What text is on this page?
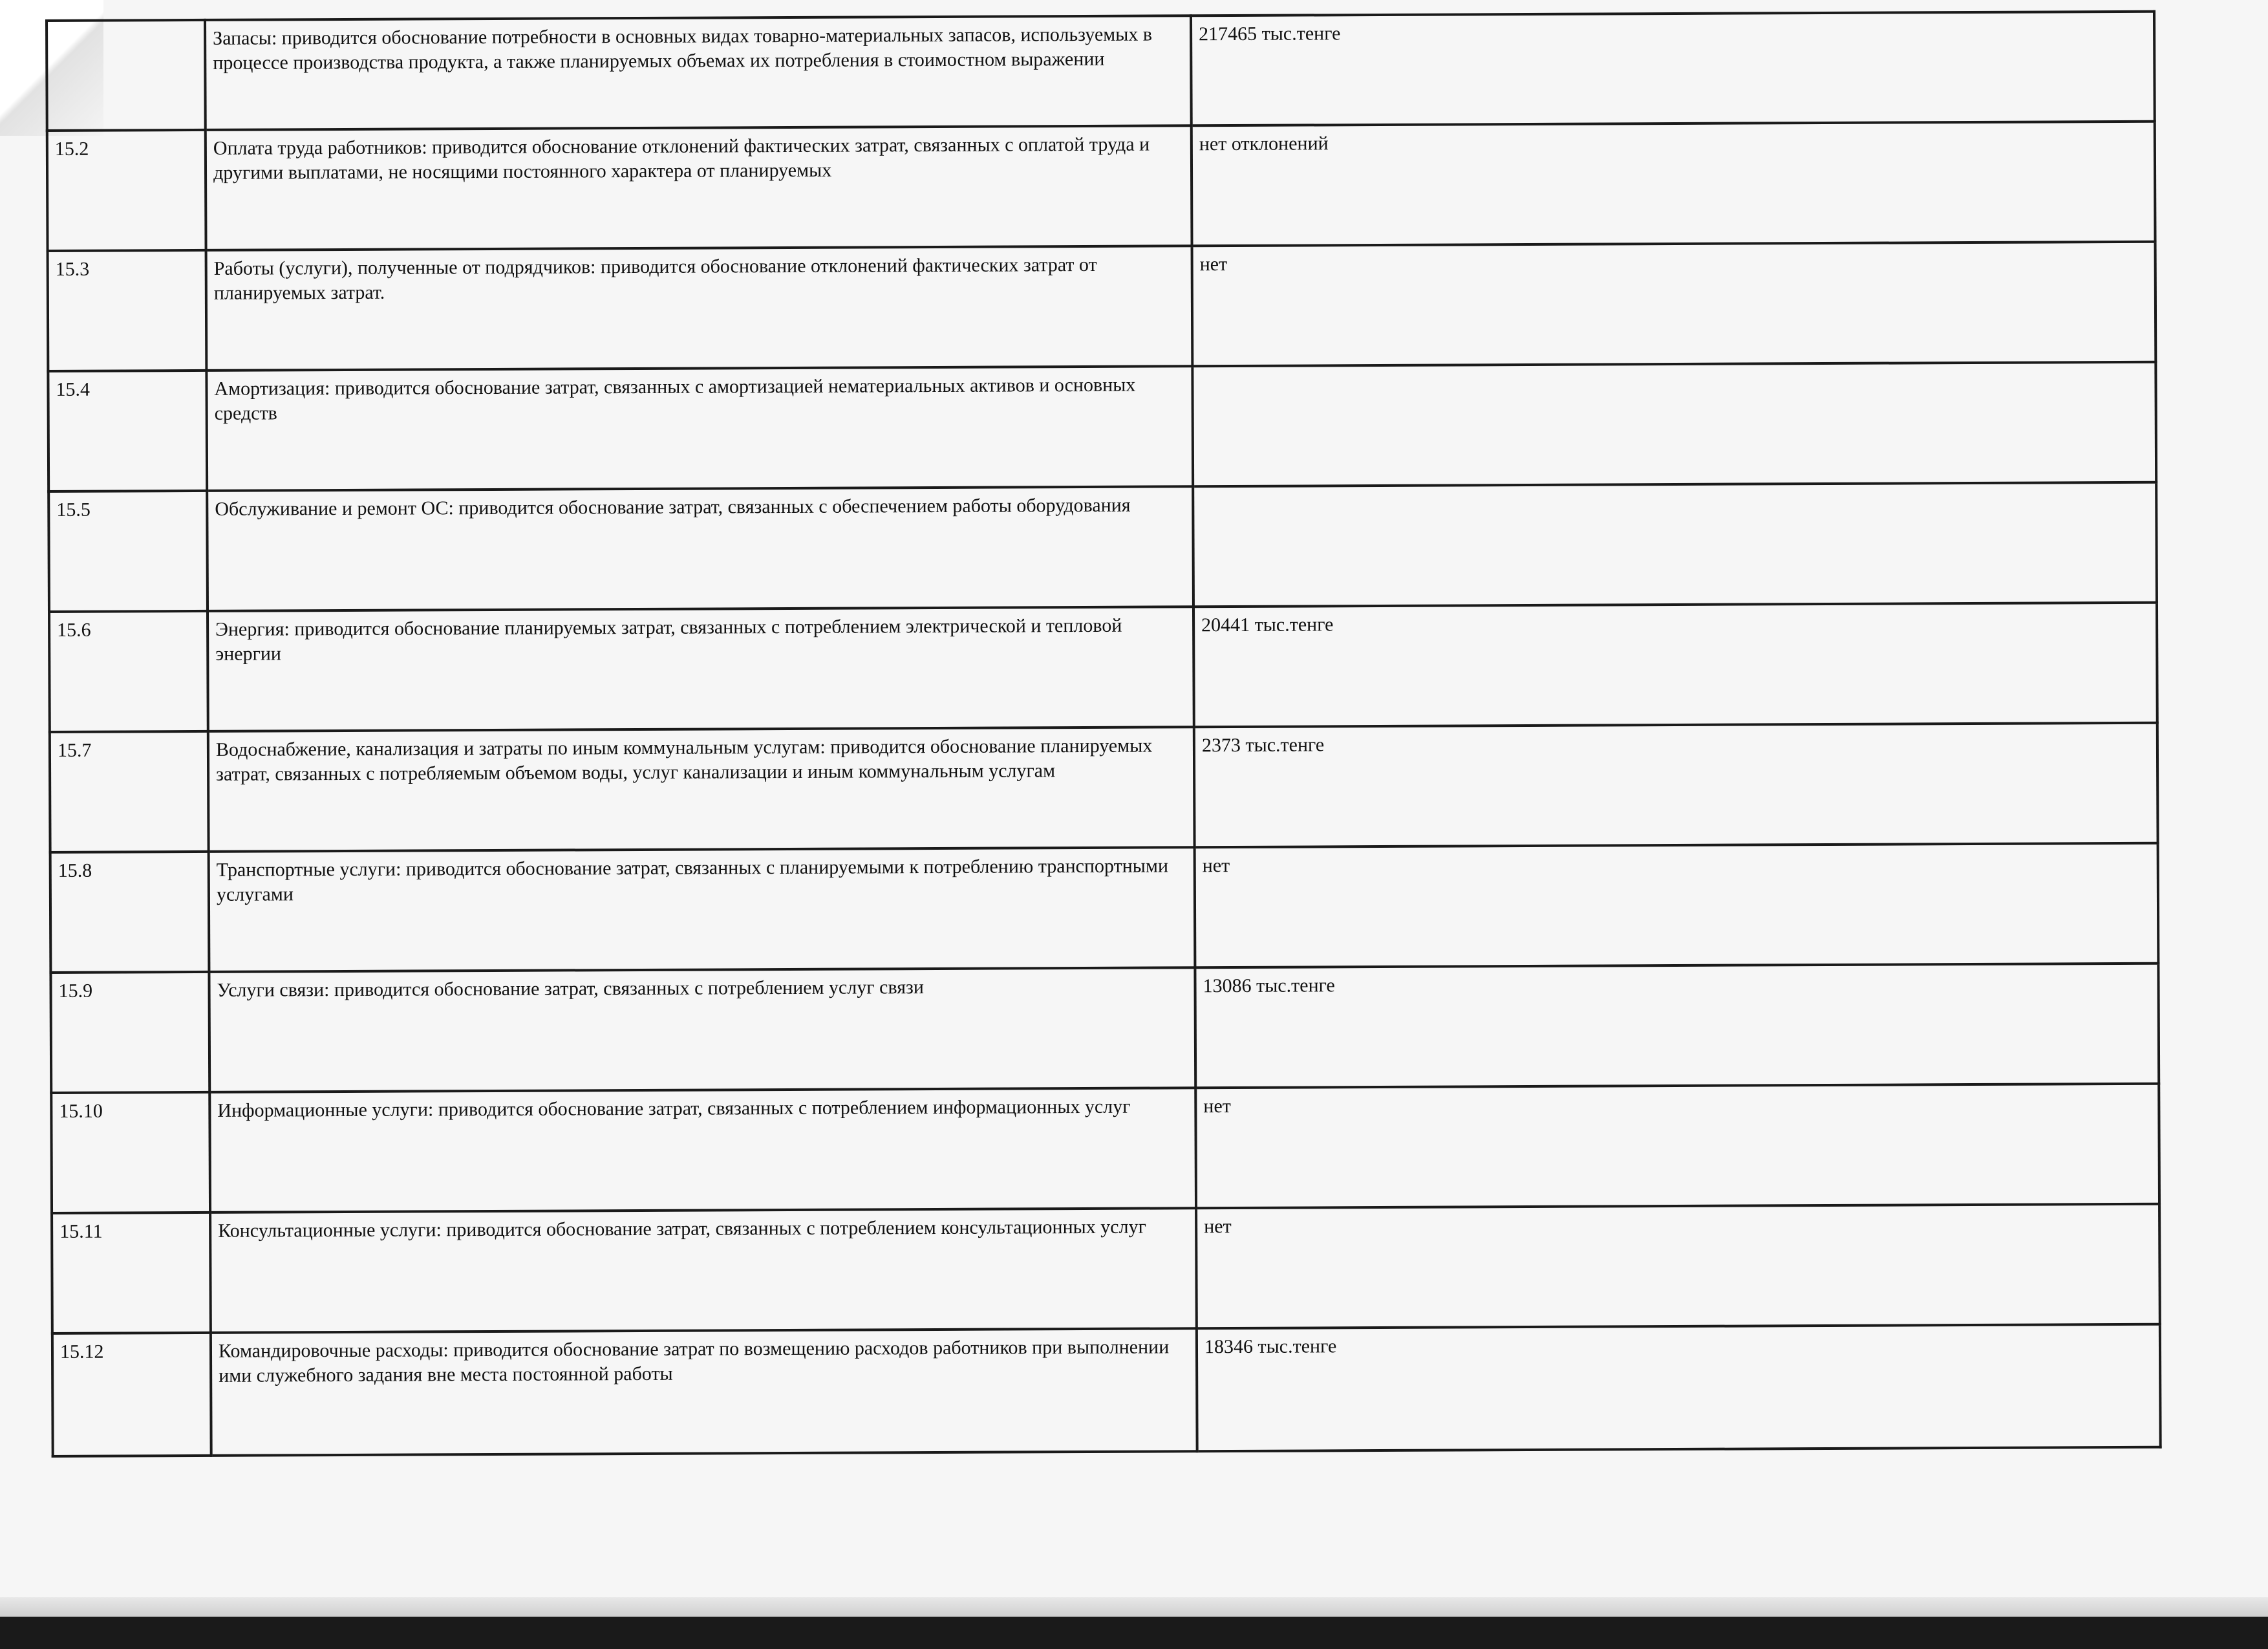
	Запасы: приводится обоснование потребности в основных видах товарно-материальных запасов, используемых в процессе производства продукта, а также планируемых объемах их потребления в стоимостном выражении	217465 тыс.тенге
15.2	Оплата труда работников: приводится обоснование отклонений фактических затрат, связанных с оплатой труда и другими выплатами, не носящими постоянного характера от планируемых	нет отклонений
15.3	Работы (услуги), полученные от подрядчиков: приводится обоснование отклонений фактических затрат от планируемых затрат.	нет
15.4	Амортизация: приводится обоснование затрат, связанных с амортизацией нематериальных активов и основных средств	
15.5	Обслуживание и ремонт ОС: приводится обоснование затрат, связанных с обеспечением работы оборудования	
15.6	Энергия: приводится обоснование планируемых затрат, связанных с потреблением электрической и тепловой энергии	20441 тыс.тенге
15.7	Водоснабжение, канализация и затраты по иным коммунальным услугам: приводится обоснование планируемых затрат, связанных с потребляемым объемом воды, услуг канализации и иным коммунальным услугам	2373 тыс.тенге
15.8	Транспортные услуги: приводится обоснование затрат, связанных с планируемыми к потреблению транспортными услугами	нет
15.9	Услуги связи: приводится обоснование затрат, связанных с потреблением услуг связи	13086 тыс.тенге
15.10	Информационные услуги: приводится обоснование затрат, связанных с потреблением информационных услуг	нет
15.11	Консультационные услуги: приводится обоснование затрат, связанных с потреблением консультационных услуг	нет
15.12	Командировочные расходы: приводится обоснование затрат по возмещению расходов работников при выполнении ими служебного задания вне места постоянной работы	18346 тыс.тенге
